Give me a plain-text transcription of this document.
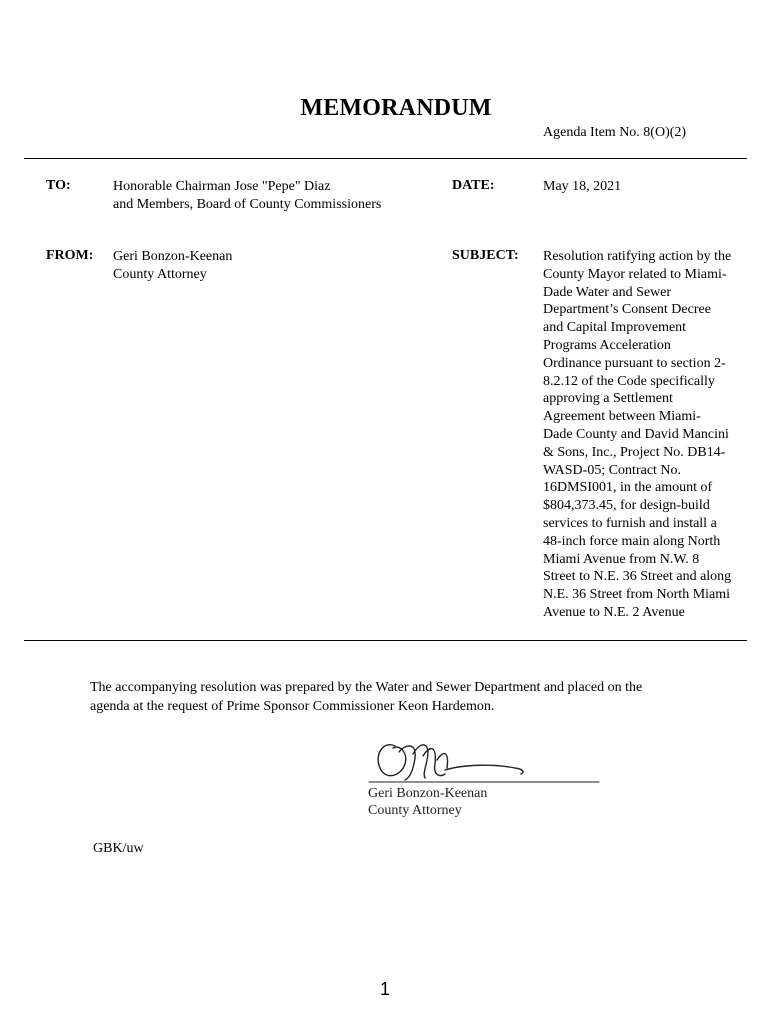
MEMORANDUM
Agenda Item No. 8(O)(2)
TO:	Honorable Chairman Jose "Pepe" Diaz
and Members, Board of County Commissioners
DATE:	May 18, 2021
FROM: Geri Bonzon-Keenan
County Attorney
SUBJECT: Resolution ratifying action by the
County Mayor related to Miami-
Dade Water and Sewer
Department’s Consent Decree
and Capital Improvement
Programs Acceleration
Ordinance pursuant to section 2-
8.2.12 of the Code specifically
approving a Settlement
Agreement between Miami-
Dade County and David Mancini
& Sons, Inc., Project No. DB14-
WASD-05; Contract No.
16DMSI001, in the amount of
$804,373.45, for design-build
services to furnish and install a
48-inch force main along North
Miami Avenue from N.W. 8
Street to N.E. 36 Street and along
N.E. 36 Street from North Miami
Avenue to N.E. 2 Avenue
The accompanying resolution was prepared by the Water and Sewer Department and placed on the
agenda at the request of Prime Sponsor Commissioner Keon Hardemon.
Geri Bonzon-Keenan
County Attorney
GBK/uw
1
